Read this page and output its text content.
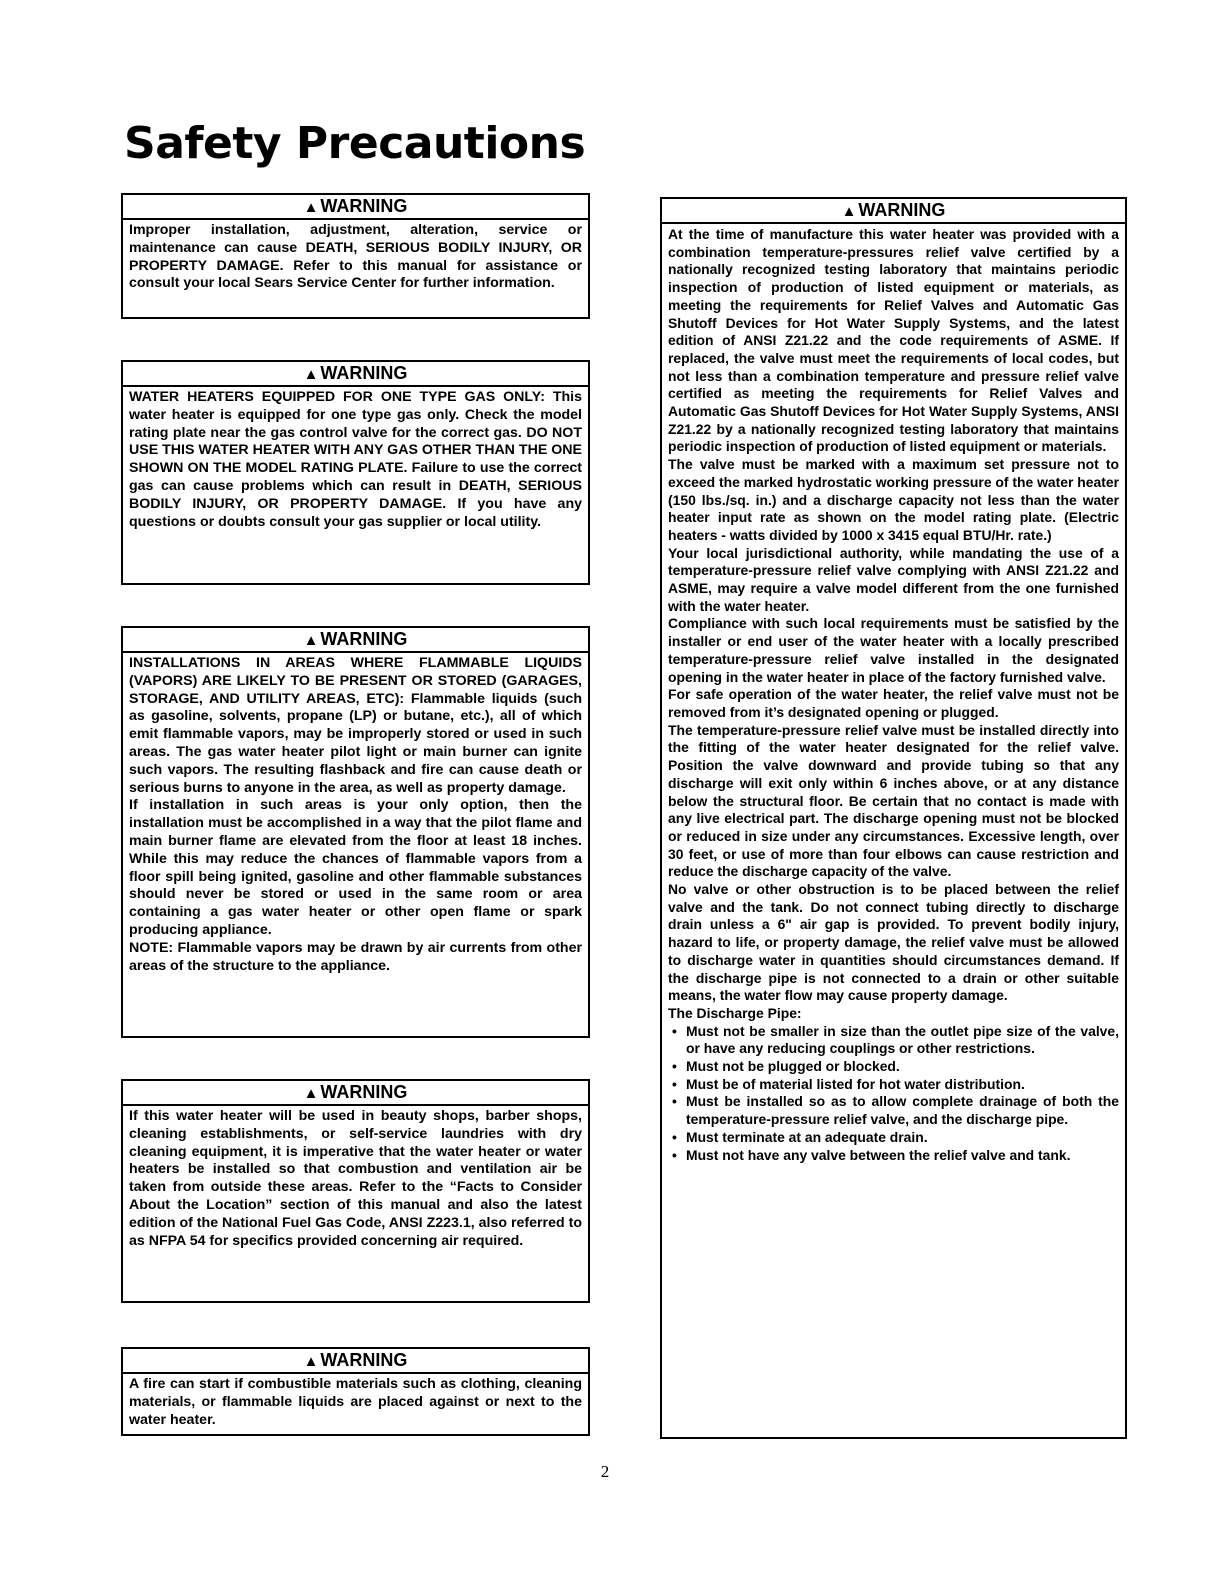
Safety Precautions
▲ WARNING

Improper installation, adjustment, alteration, service or maintenance can cause DEATH, SERIOUS BODILY INJURY, OR PROPERTY DAMAGE. Refer to this manual for assistance or consult your local Sears Service Center for further information.

▲ WARNING

WATER HEATERS EQUIPPED FOR ONE TYPE GAS ONLY: This water heater is equipped for one type gas only. Check the model rating plate near the gas control valve for the correct gas. DO NOT USE THIS WATER HEATER WITH ANY GAS OTHER THAN THE ONE SHOWN ON THE MODEL RATING PLATE. Failure to use the correct gas can cause problems which can result in DEATH, SERIOUS BODILY INJURY, OR PROPERTY DAMAGE. If you have any questions or doubts consult your gas supplier or local utility.

▲ WARNING

INSTALLATIONS IN AREAS WHERE FLAMMABLE LIQUIDS (VAPORS) ARE LIKELY TO BE PRESENT OR STORED (GARAGES, STORAGE, AND UTILITY AREAS, ETC): Flammable liquids (such as gasoline, solvents, propane (LP) or butane, etc.), all of which emit flammable vapors, may be improperly stored or used in such areas. The gas water heater pilot light or main burner can ignite such vapors. The resulting flashback and fire can cause death or serious burns to anyone in the area, as well as property damage.

If installation in such areas is your only option, then the installation must be accomplished in a way that the pilot flame and main burner flame are elevated from the floor at least 18 inches. While this may reduce the chances of flammable vapors from a floor spill being ignited, gasoline and other flammable substances should never be stored or used in the same room or area containing a gas water heater or other open flame or spark producing appliance.

NOTE: Flammable vapors may be drawn by air currents from other areas of the structure to the appliance.

▲ WARNING

If this water heater will be used in beauty shops, barber shops, cleaning establishments, or self-service laundries with dry cleaning equipment, it is imperative that the water heater or water heaters be installed so that combustion and ventilation air be taken from outside these areas. Refer to the “Facts to Consider About the Location” section of this manual and also the latest edition of the National Fuel Gas Code, ANSI Z223.1, also referred to as NFPA 54 for specifics provided concerning air required.

▲ WARNING

A fire can start if combustible materials such as clothing, cleaning materials, or flammable liquids are placed against or next to the water heater.

▲ WARNING

At the time of manufacture this water heater was provided with a combination temperature-pressures relief valve certified by a nationally recognized testing laboratory that maintains periodic inspection of production of listed equipment or materials, as meeting the requirements for Relief Valves and Automatic Gas Shutoff Devices for Hot Water Supply Systems, and the latest edition of ANSI Z21.22 and the code requirements of ASME. If replaced, the valve must meet the requirements of local codes, but not less than a combination temperature and pressure relief valve certified as meeting the requirements for Relief Valves and Automatic Gas Shutoff Devices for Hot Water Supply Systems, ANSI Z21.22 by a nationally recognized testing laboratory that maintains periodic inspection of production of listed equipment or materials.

The valve must be marked with a maximum set pressure not to exceed the marked hydrostatic working pressure of the water heater (150 lbs./sq. in.) and a discharge capacity not less than the water heater input rate as shown on the model rating plate. (Electric heaters - watts divided by 1000 x 3415 equal BTU/Hr. rate.)

Your local jurisdictional authority, while mandating the use of a temperature-pressure relief valve complying with ANSI Z21.22 and ASME, may require a valve model different from the one furnished with the water heater.

Compliance with such local requirements must be satisfied by the installer or end user of the water heater with a locally prescribed temperature-pressure relief valve installed in the designated opening in the water heater in place of the factory furnished valve.

For safe operation of the water heater, the relief valve must not be removed from it’s designated opening or plugged.

The temperature-pressure relief valve must be installed directly into the fitting of the water heater designated for the relief valve. Position the valve downward and provide tubing so that any discharge will exit only within 6 inches above, or at any distance below the structural floor. Be certain that no contact is made with any live electrical part. The discharge opening must not be blocked or reduced in size under any circumstances. Excessive length, over 30 feet, or use of more than four elbows can cause restriction and reduce the discharge capacity of the valve.

No valve or other obstruction is to be placed between the relief valve and the tank. Do not connect tubing directly to discharge drain unless a 6" air gap is provided. To prevent bodily injury, hazard to life, or property damage, the relief valve must be allowed to discharge water in quantities should circumstances demand. If the discharge pipe is not connected to a drain or other suitable means, the water flow may cause property damage.

The Discharge Pipe:

• Must not be smaller in size than the outlet pipe size of the valve, or have any reducing couplings or other restrictions.
• Must not be plugged or blocked.
• Must be of material listed for hot water distribution.
• Must be installed so as to allow complete drainage of both the temperature-pressure relief valve, and the discharge pipe.
• Must terminate at an adequate drain.
• Must not have any valve between the relief valve and tank.
2
